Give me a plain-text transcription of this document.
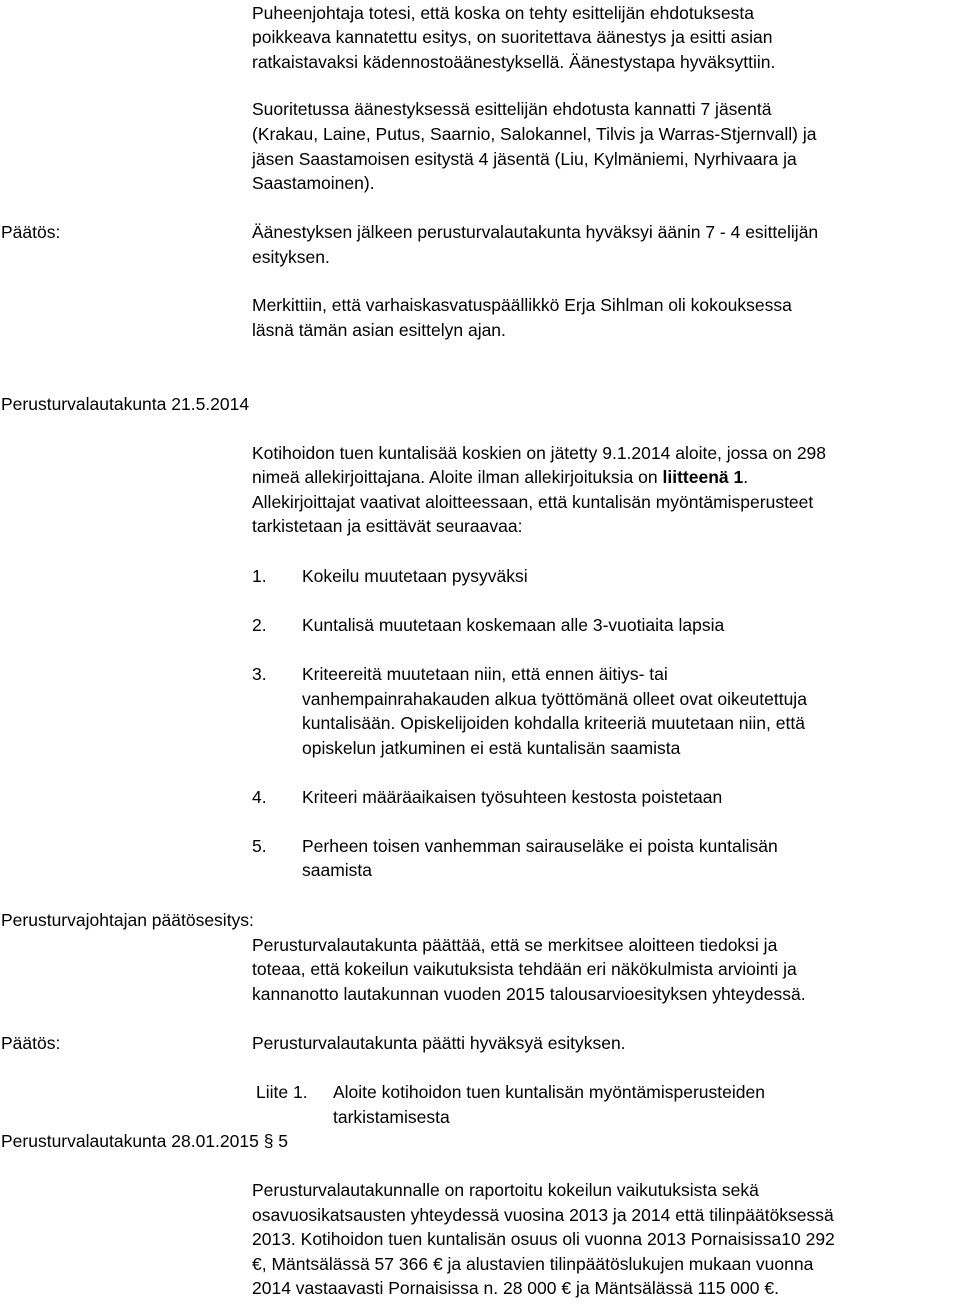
Puheenjohtaja totesi, että koska on tehty esittelijän ehdotuksesta
poikkeava kannatettu esitys, on suoritettava äänestys ja esitti asian
ratkaistavaksi kädennostoäänestyksellä. Äänestystapa hyväksyttiin.
Suoritetussa äänestyksessä esittelijän ehdotusta kannatti 7 jäsentä
(Krakau, Laine, Putus, Saarnio, Salokannel, Tilvis ja Warras-Stjernvall) ja
jäsen Saastamoisen esitystä 4 jäsentä (Liu, Kylmäniemi, Nyrhivaara ja
Saastamoinen).
Päätös:	Äänestyksen jälkeen perusturvalautakunta hyväksyi äänin 7 - 4 esittelijän
esityksen.
Merkittiin, että varhaiskasvatuspäällikkö Erja Sihlman oli kokouksessa
läsnä tämän asian esittelyn ajan.
Perusturvalautakunta 21.5.2014
Kotihoidon tuen kuntalisää koskien on jätetty 9.1.2014 aloite, jossa on 298
nimeä allekirjoittajana. Aloite ilman allekirjoituksia on liitteenä 1.
Allekirjoittajat vaativat aloitteessaan, että kuntalisän myöntämisperusteet
tarkistetaan ja esittävät seuraavaa:
1. Kokeilu muutetaan pysyväksi
2. Kuntalisä muutetaan koskemaan alle 3-vuotiaita lapsia
3. Kriteereitä muutetaan niin, että ennen äitiys- tai
vanhempainrahakauden alkua työttömänä olleet ovat oikeutettuja
kuntalisään. Opiskelijoiden kohdalla kriteeriä muutetaan niin, että
opiskelun jatkuminen ei estä kuntalisän saamista
4. Kriteeri määräaikaisen työsuhteen kestosta poistetaan
5. Perheen toisen vanhemman sairauseläke ei poista kuntalisän
saamista
Perusturvajohtajan päätösesitys:
Perusturvalautakunta päättää, että se merkitsee aloitteen tiedoksi ja
toteaa, että kokeilun vaikutuksista tehdään eri näkökulmista arviointi ja
kannanotto lautakunnan vuoden 2015 talousarvioesityksen yhteydessä.
Päätös:	Perusturvalautakunta päätti hyväksyä esityksen.
Liite 1. Aloite kotihoidon tuen kuntalisän myöntämisperusteiden
tarkistamisesta
Perusturvalautakunta 28.01.2015 § 5
Perusturvalautakunnalle on raportoitu kokeilun vaikutuksista sekä
osavuosikatsausten yhteydessä vuosina 2013 ja 2014 että tilinpäätöksessä
2013. Kotihoidon tuen kuntalisän osuus oli vuonna 2013 Pornaisissa10 292
€, Mäntsälässä 57 366 € ja alustavien tilinpäätöslukujen mukaan vuonna
2014 vastaavasti Pornaisissa n. 28 000 € ja Mäntsälässä 115 000 €.
